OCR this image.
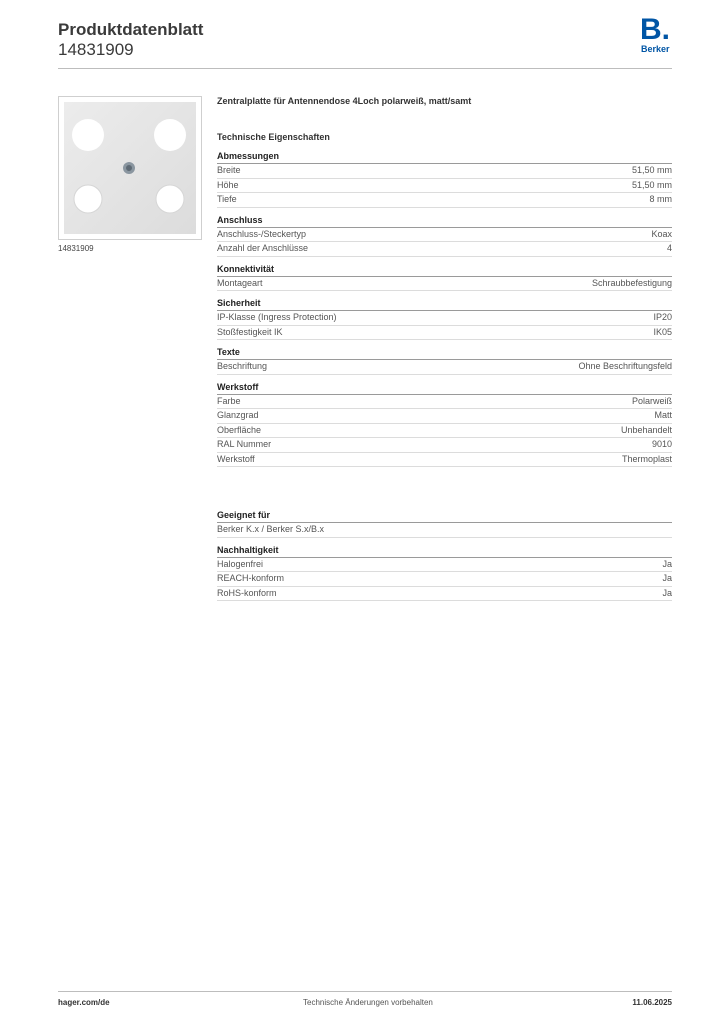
Produktdatenblatt
14831909
B.
Berker
14831909
Zentralplatte für Antennendose 4Loch polarweiß, matt/samt
Technische Eigenschaften
Abmessungen
Breite	51,50 mm
Höhe	51,50 mm
Tiefe	8 mm
Anschluss
Anschluss-/Steckertyp	Koax
Anzahl der Anschlüsse	4
Konnektivität
Montageart	Schraubbefestigung
Sicherheit
IP-Klasse (Ingress Protection)	IP20
Stoßfestigkeit IK	IK05
Texte
Beschriftung	Ohne Beschriftungsfeld
Werkstoff
Farbe	Polarweiß
Glanzgrad	Matt
Oberfläche	Unbehandelt
RAL Nummer	9010
Werkstoff	Thermoplast
Geeignet für
Berker K.x / Berker S.x/B.x
Nachhaltigkeit
Halogenfrei	Ja
REACH-konform	Ja
RoHS-konform	Ja
hager.com/de	Technische Änderungen vorbehalten	11.06.2025
